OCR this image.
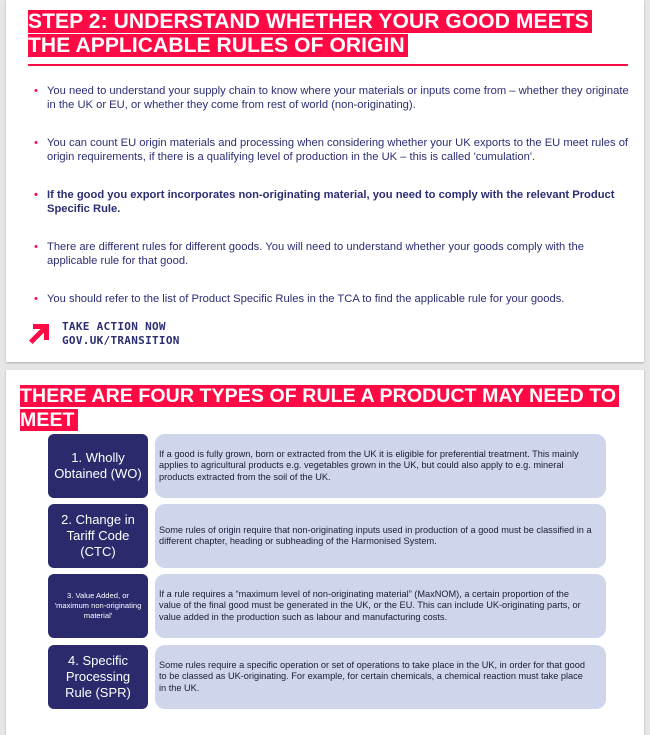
STEP 2: UNDERSTAND WHETHER YOUR GOOD MEETS THE APPLICABLE RULES OF ORIGIN
• You need to understand your supply chain to know where your materials or inputs come from – whether they originate in the UK or EU, or whether they come from rest of world (non-originating).
• You can count EU origin materials and processing when considering whether your UK exports to the EU meet rules of origin requirements, if there is a qualifying level of production in the UK – this is called 'cumulation'.
• If the good you export incorporates non-originating material, you need to comply with the relevant Product Specific Rule.
• There are different rules for different goods. You will need to understand whether your goods comply with the applicable rule for that good.
• You should refer to the list of Product Specific Rules in the TCA to find the applicable rule for your goods.
TAKE ACTION NOW
GOV.UK/TRANSITION
THERE ARE FOUR TYPES OF RULE A PRODUCT MAY NEED TO MEET
1. Wholly Obtained (WO)
If a good is fully grown, born or extracted from the UK it is eligible for preferential treatment. This mainly applies to agricultural products e.g. vegetables grown in the UK, but could also apply to e.g. mineral products extracted from the soil of the UK.
2. Change in Tariff Code (CTC)
Some rules of origin require that non-originating inputs used in production of a good must be classified in a different chapter, heading or subheading of the Harmonised System.
3. Value Added, or 'maximum non-originating material'
If a rule requires a “maximum level of non-originating material” (MaxNOM), a certain proportion of the value of the final good must be generated in the UK, or the EU. This can include UK-originating parts, or value added in the production such as labour and manufacturing costs.
4. Specific Processing Rule (SPR)
Some rules require a specific operation or set of operations to take place in the UK, in order for that good to be classed as UK-originating. For example, for certain chemicals, a chemical reaction must take place in the UK.
